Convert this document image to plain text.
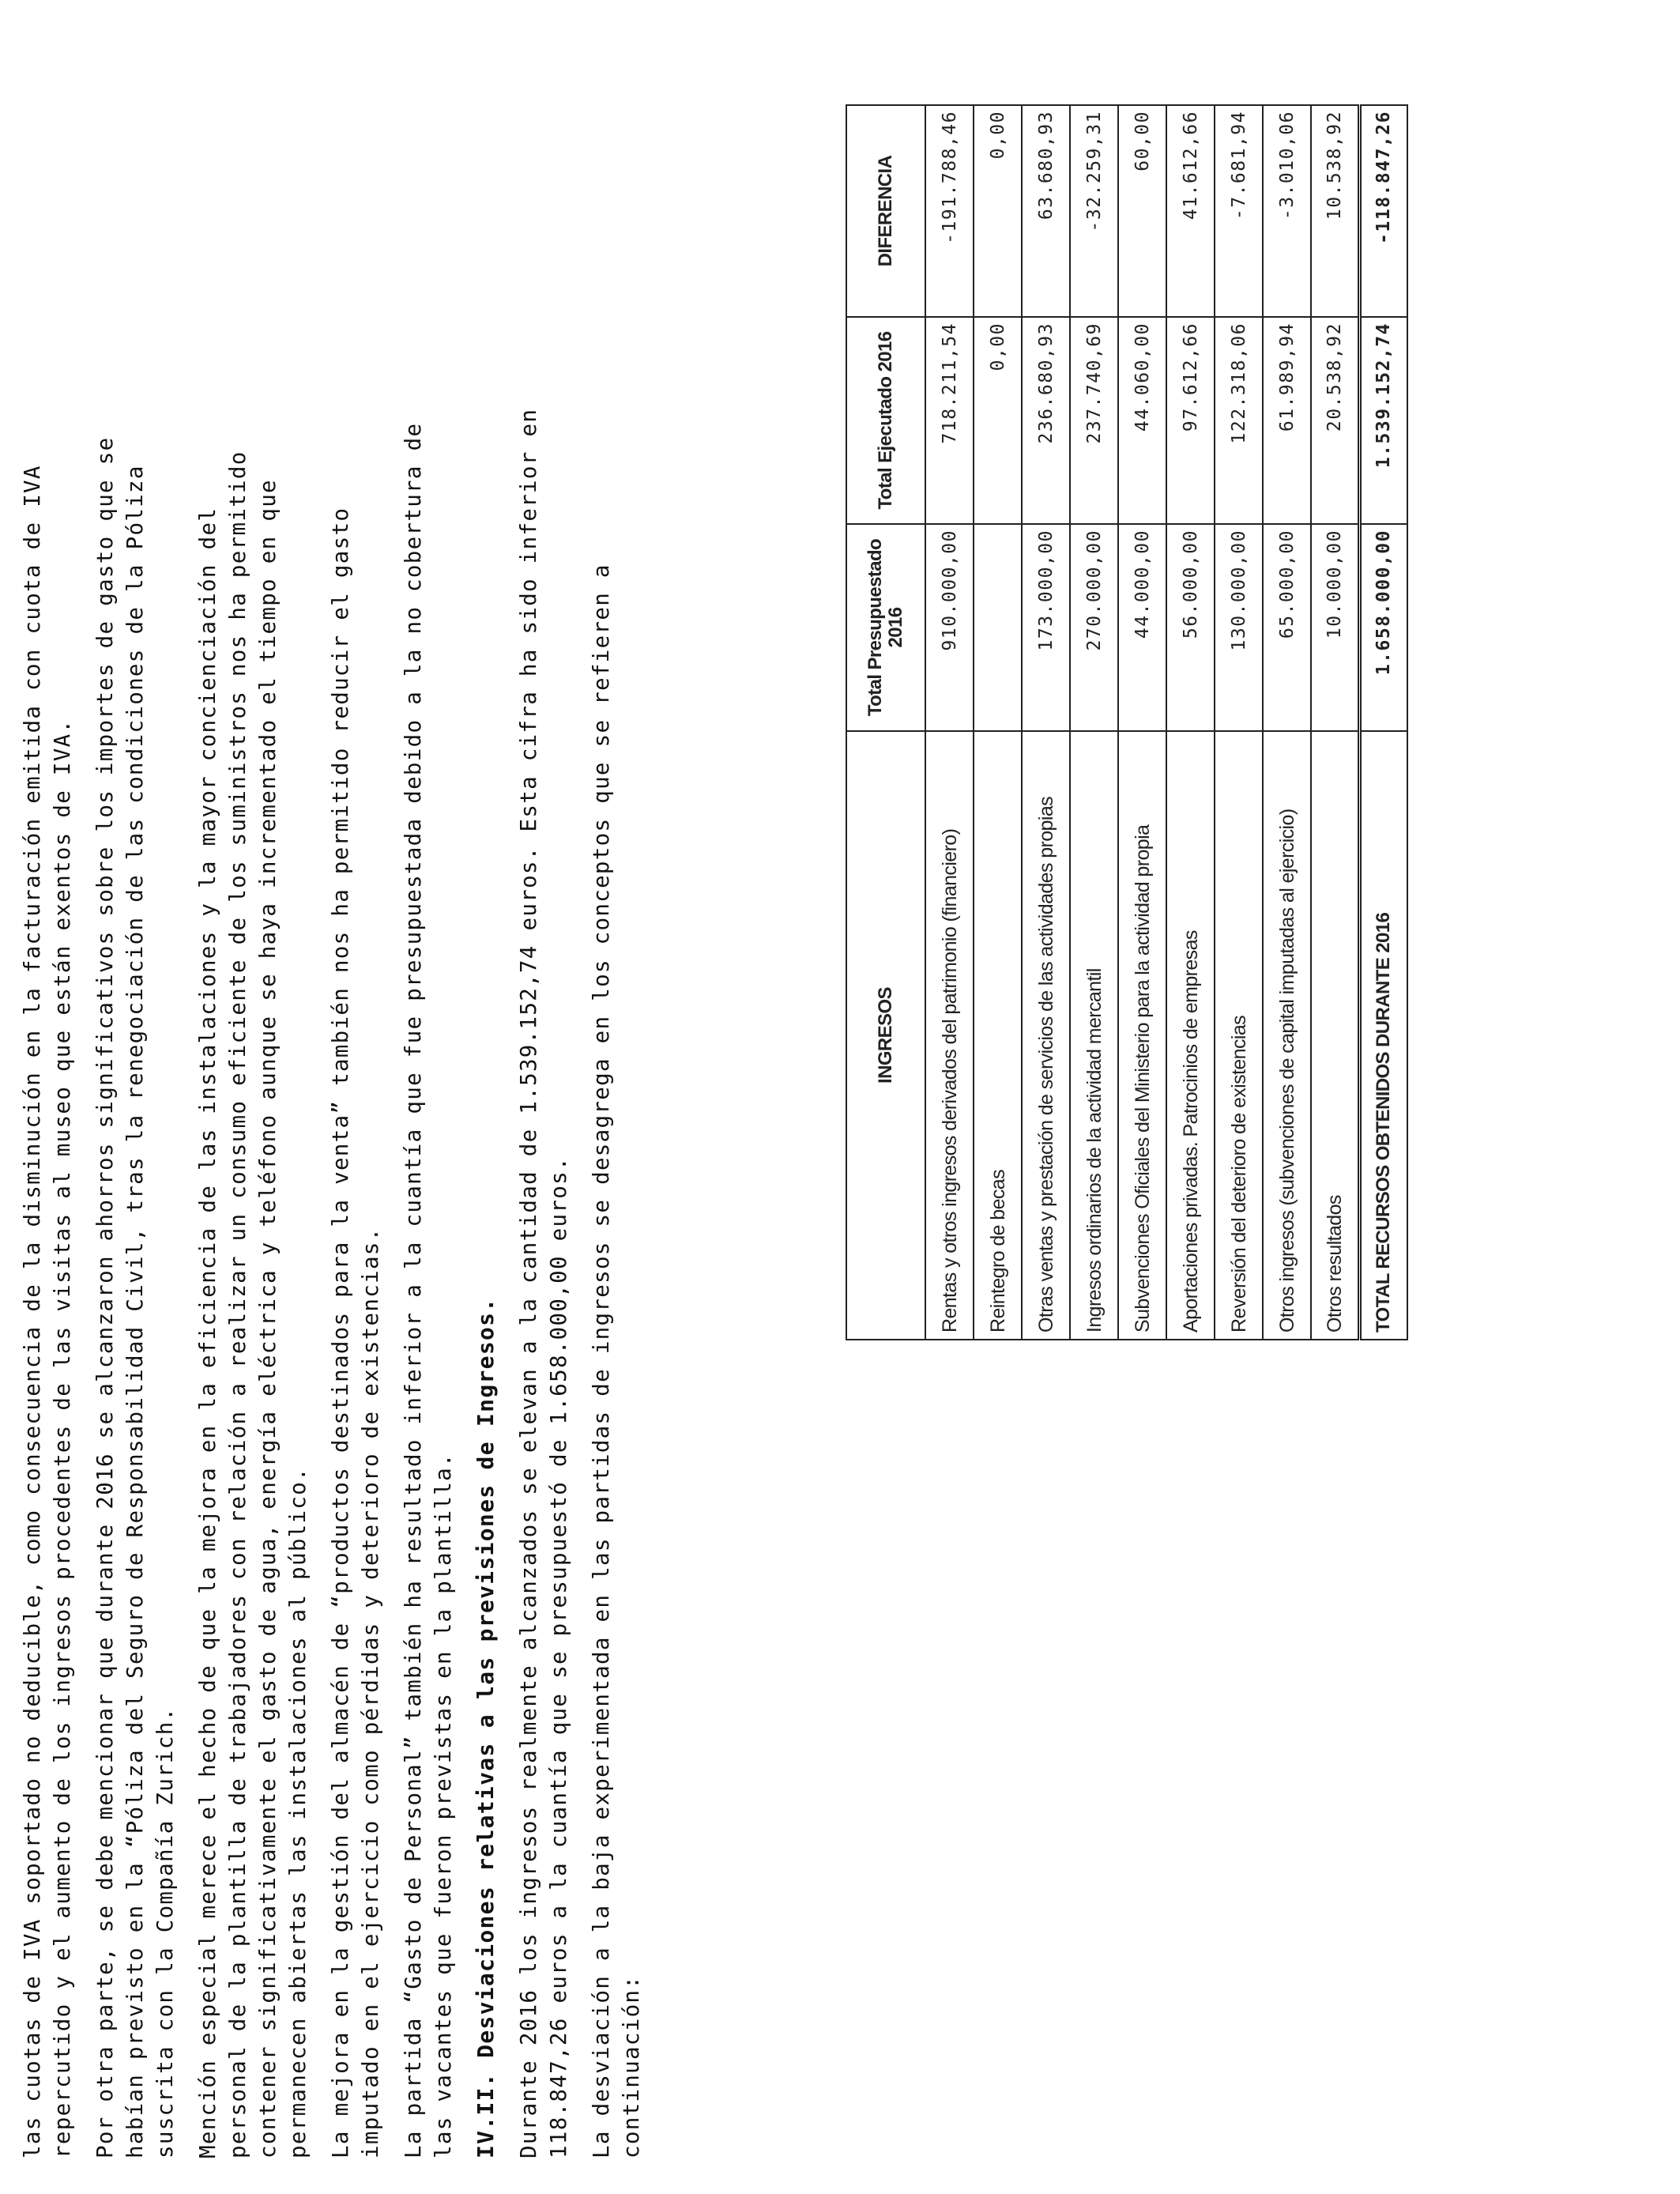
las cuotas de IVA soportado no deducible, como consecuencia de la disminución en la facturación emitida con cuota de IVA repercutido y el aumento de los ingresos procedentes de las visitas al museo que están exentos de IVA. Por otra parte, se debe mencionar que durante 2016 se alcanzaron ahorros significativos sobre los importes de gasto que se habían previsto en la “Póliza del Seguro de Responsabilidad Civil, tras la renegociación de las condiciones de la Póliza suscrita con la Compañía Zurich. Mención especial merece el hecho de que la mejora en la eficiencia de las instalaciones y la mayor concienciación del personal de la plantilla de trabajadores con relación a realizar un consumo eficiente de los suministros nos ha permitido contener significativamente el gasto de agua, energía eléctrica y teléfono aunque se haya incrementado el tiempo en que permanecen abiertas las instalaciones al público. La mejora en la gestión del almacén de “productos destinados para la venta” también nos ha permitido reducir el gasto imputado en el ejercicio como pérdidas y deterioro de existencias. La partida “Gasto de Personal” también ha resultado inferior a la cuantía que fue presupuestada debido a la no cobertura de las vacantes que fueron previstas en la plantilla. IV.II. Desviaciones relativas a las previsiones de Ingresos. Durante 2016 los ingresos realmente alcanzados se elevan a la cantidad de 1.539.152,74 euros. Esta cifra ha sido inferior en 118.847,26 euros a la cuantía que se presupuestó de 1.658.000,00 euros. La desviación a la baja experimentada en las partidas de ingresos se desagrega en los conceptos que se refieren a continuación:
INGRESOS	Total Presupuestado 2016	Total Ejecutado 2016	DIFERENCIA
Rentas y otros ingresos derivados del patrimonio (financiero)	910.000,00	718.211,54	-191.788,46
Reintegro de becas		0,00	0,00
Otras ventas y prestación de servicios de las actividades propias	173.000,00	236.680,93	63.680,93
Ingresos ordinarios de la actividad mercantil	270.000,00	237.740,69	-32.259,31
Subvenciones Oficiales del Ministerio para la actividad propia	44.000,00	44.060,00	60,00
Aportaciones privadas. Patrocinios de empresas	56.000,00	97.612,66	41.612,66
Reversión del deterioro de existencias	130.000,00	122.318,06	-7.681,94
Otros ingresos (subvenciones de capital imputadas al ejercicio)	65.000,00	61.989,94	-3.010,06
Otros resultados	10.000,00	20.538,92	10.538,92
TOTAL RECURSOS OBTENIDOS DURANTE 2016	1.658.000,00	1.539.152,74	-118.847,26
